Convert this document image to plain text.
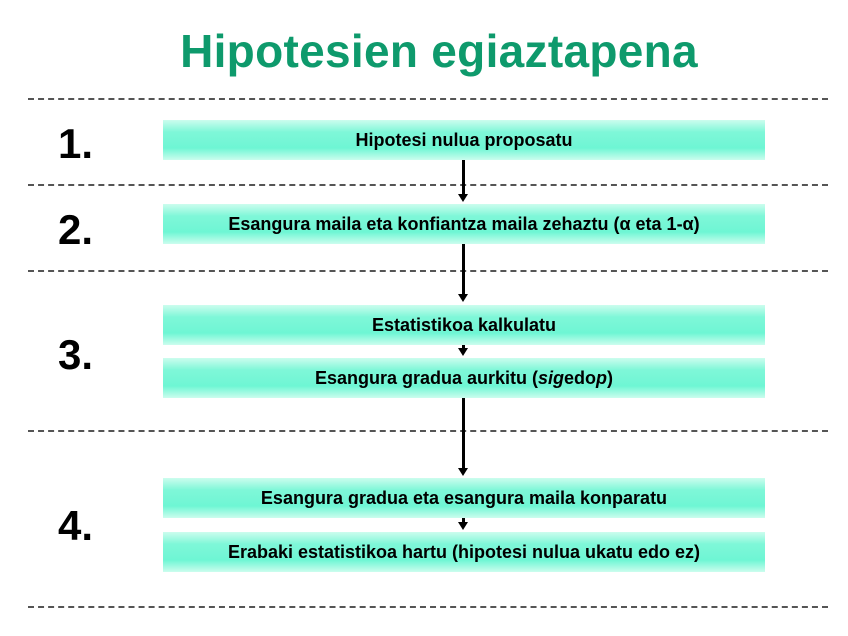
Hipotesien egiaztapena
1.	Hipotesi nulua proposatu
2.	Esangura maila eta konfiantza maila zehaztu (α eta 1-α)
3.
Estatistikoa kalkulatu
Esangura gradua aurkitu ( sig edo p )
4.
Esangura gradua eta esangura maila konparatu
Erabaki estatistikoa hartu (hipotesi nulua ukatu edo ez)
